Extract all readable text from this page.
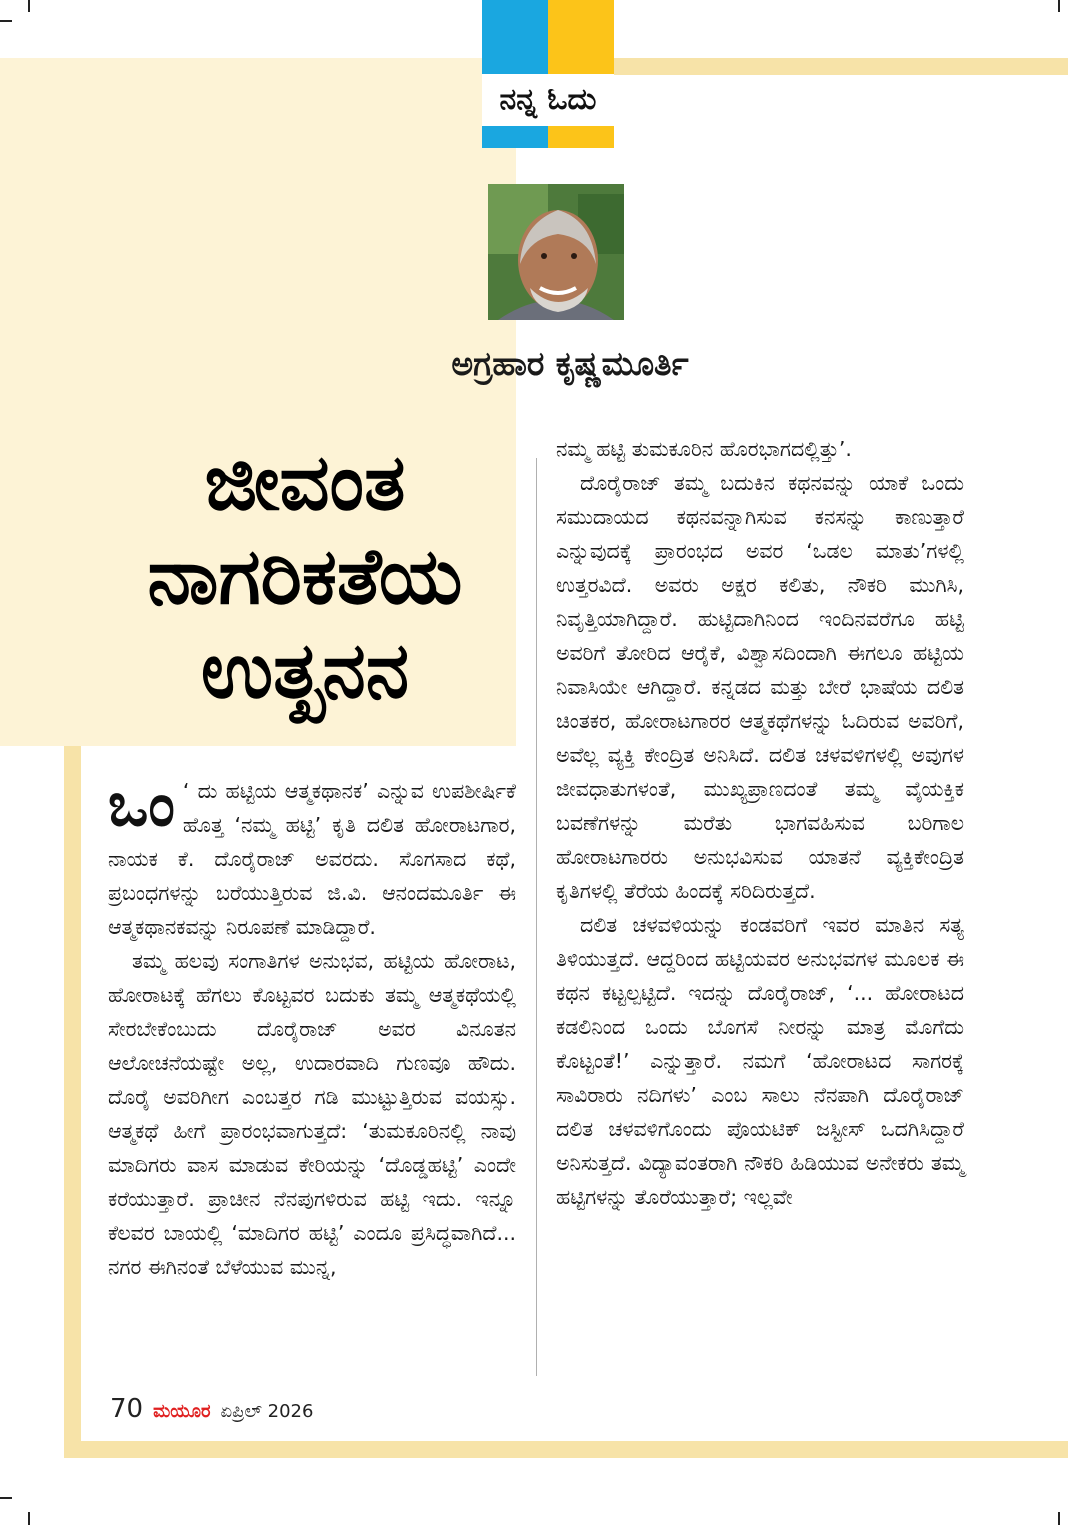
ನನ್ನ ಓದು
ಅಗ್ರಹಾರ ಕೃಷ್ಣಮೂರ್ತಿ
ಜೀವಂತ
ನಾಗರಿಕತೆಯ
ಉತ್ಖನನ

ಒಂ ‘ ದು ಹಟ್ಟಿಯ ಆತ್ಮಕಥಾನಕ’ ಎನ್ನುವ ಉಪಶೀರ್ಷಿಕೆ ಹೊತ್ತ ‘ನಮ್ಮ ಹಟ್ಟಿ’ ಕೃತಿ ದಲಿತ ಹೋರಾಟಗಾರ, ನಾಯಕ ಕೆ. ದೊರೈರಾಜ್ ಅವರದು. ಸೊಗಸಾದ ಕಥೆ, ಪ್ರಬಂಧಗಳನ್ನು ಬರೆಯುತ್ತಿರುವ ಜಿ.ವಿ. ಆನಂದಮೂರ್ತಿ ಈ ಆತ್ಮಕಥಾನಕವನ್ನು ನಿರೂಪಣೆ ಮಾಡಿದ್ದಾರೆ.

ತಮ್ಮ ಹಲವು ಸಂಗಾತಿಗಳ ಅನುಭವ, ಹಟ್ಟಿಯ ಹೋರಾಟ, ಹೋರಾಟಕ್ಕೆ ಹೆಗಲು ಕೊಟ್ಟವರ ಬದುಕು ತಮ್ಮ ಆತ್ಮಕಥೆಯಲ್ಲಿ ಸೇರಬೇಕೆಂಬುದು ದೊರೈರಾಜ್ ಅವರ ವಿನೂತನ ಆಲೋಚನೆಯಷ್ಟೇ ಅಲ್ಲ, ಉದಾರವಾದಿ ಗುಣವೂ ಹೌದು. ದೊರೈ ಅವರಿಗೀಗ ಎಂಬತ್ತರ ಗಡಿ ಮುಟ್ಟುತ್ತಿರುವ ವಯಸ್ಸು. ಆತ್ಮಕಥೆ ಹೀಗೆ ಪ್ರಾರಂಭವಾಗುತ್ತದೆ: ‘ತುಮಕೂರಿನಲ್ಲಿ ನಾವು ಮಾದಿಗರು ವಾಸ ಮಾಡುವ ಕೇರಿಯನ್ನು ‘ದೊಡ್ಡಹಟ್ಟಿ’ ಎಂದೇ ಕರೆಯುತ್ತಾರೆ. ಪ್ರಾಚೀನ ನೆನಪುಗಳಿರುವ ಹಟ್ಟಿ ಇದು. ಇನ್ನೂ ಕೆಲವರ ಬಾಯಲ್ಲಿ ‘ಮಾದಿಗರ ಹಟ್ಟಿ’ ಎಂದೂ ಪ್ರಸಿದ್ಧವಾಗಿದೆ... ನಗರ ಈಗಿನಂತೆ ಬೆಳೆಯುವ ಮುನ್ನ,

ನಮ್ಮ ಹಟ್ಟಿ ತುಮಕೂರಿನ ಹೊರಭಾಗದಲ್ಲಿತ್ತು’.

ದೊರೈರಾಜ್ ತಮ್ಮ ಬದುಕಿನ ಕಥನವನ್ನು ಯಾಕೆ ಒಂದು ಸಮುದಾಯದ ಕಥನವನ್ನಾಗಿಸುವ ಕನಸನ್ನು ಕಾಣುತ್ತಾರೆ ಎನ್ನುವುದಕ್ಕೆ ಪ್ರಾರಂಭದ ಅವರ ‘ಒಡಲ ಮಾತು’ಗಳಲ್ಲಿ ಉತ್ತರವಿದೆ. ಅವರು ಅಕ್ಷರ ಕಲಿತು, ನೌಕರಿ ಮುಗಿಸಿ, ನಿವೃತ್ತಿಯಾಗಿದ್ದಾರೆ. ಹುಟ್ಟಿದಾಗಿನಿಂದ ಇಂದಿನವರೆಗೂ ಹಟ್ಟಿ ಅವರಿಗೆ ತೋರಿದ ಆರೈಕೆ, ವಿಶ್ವಾಸದಿಂದಾಗಿ ಈಗಲೂ ಹಟ್ಟಿಯ ನಿವಾಸಿಯೇ ಆಗಿದ್ದಾರೆ. ಕನ್ನಡದ ಮತ್ತು ಬೇರೆ ಭಾಷೆಯ ದಲಿತ ಚಿಂತಕರ, ಹೋರಾಟಗಾರರ ಆತ್ಮಕಥೆಗಳನ್ನು ಓದಿರುವ ಅವರಿಗೆ, ಅವೆಲ್ಲ ವ್ಯಕ್ತಿ ಕೇಂದ್ರಿತ ಅನಿಸಿದೆ. ದಲಿತ ಚಳವಳಿಗಳಲ್ಲಿ ಅವುಗಳ ಜೀವಧಾತುಗಳಂತೆ, ಮುಖ್ಯಪ್ರಾಣದಂತೆ ತಮ್ಮ ವೈಯಕ್ತಿಕ ಬವಣೆಗಳನ್ನು ಮರೆತು ಭಾಗವಹಿಸುವ ಬರಿಗಾಲ ಹೋರಾಟಗಾರರು ಅನುಭವಿಸುವ ಯಾತನೆ ವ್ಯಕ್ತಿಕೇಂದ್ರಿತ ಕೃತಿಗಳಲ್ಲಿ ತೆರೆಯ ಹಿಂದಕ್ಕೆ ಸರಿದಿರುತ್ತದೆ.

ದಲಿತ ಚಳವಳಿಯನ್ನು ಕಂಡವರಿಗೆ ಇವರ ಮಾತಿನ ಸತ್ಯ ತಿಳಿಯುತ್ತದೆ. ಆದ್ದರಿಂದ ಹಟ್ಟಿಯವರ ಅನುಭವಗಳ ಮೂಲಕ ಈ ಕಥನ ಕಟ್ಟಲ್ಪಟ್ಟಿದೆ. ಇದನ್ನು ದೊರೈರಾಜ್, ‘... ಹೋರಾಟದ ಕಡಲಿನಿಂದ ಒಂದು ಬೊಗಸೆ ನೀರನ್ನು ಮಾತ್ರ ಮೊಗೆದು ಕೊಟ್ಟಂತೆ!’ ಎನ್ನುತ್ತಾರೆ. ನಮಗೆ ‘ಹೋರಾಟದ ಸಾಗರಕ್ಕೆ ಸಾವಿರಾರು ನದಿಗಳು’ ಎಂಬ ಸಾಲು ನೆನಪಾಗಿ ದೊರೈರಾಜ್ ದಲಿತ ಚಳವಳಿಗೊಂದು ಪೊಯಟಿಕ್ ಜಸ್ಟೀಸ್ ಒದಗಿಸಿದ್ದಾರೆ ಅನಿಸುತ್ತದೆ. ವಿದ್ಯಾವಂತರಾಗಿ ನೌಕರಿ ಹಿಡಿಯುವ ಅನೇಕರು ತಮ್ಮ ಹಟ್ಟಿಗಳನ್ನು ತೊರೆಯುತ್ತಾರೆ; ಇಲ್ಲವೇ

70 ಮಯೂರ ಏಪ್ರಿಲ್ 2026
